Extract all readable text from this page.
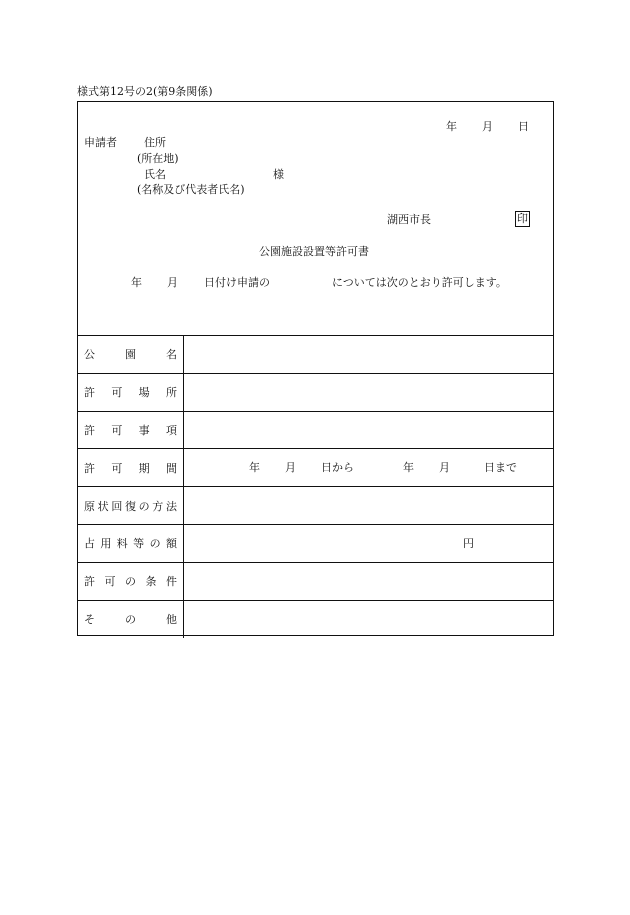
様式第12号の2(第9条関係)
年 月 日
申請者 住所
(所在地)
氏名	様
(名称及び代表者氏名)
湖西市長	印
公園施設設置等許可書
年 月 日付け申請の	については次のとおり許可します。
公	園	名
許 可 場 所
許 可 事 項
許 可 期 間	年 月 日から	年 月	日まで
原 状 回 復 の 方 法
占 用 料 等 の 額	円
許 可 の 条 件
そ	の	他
